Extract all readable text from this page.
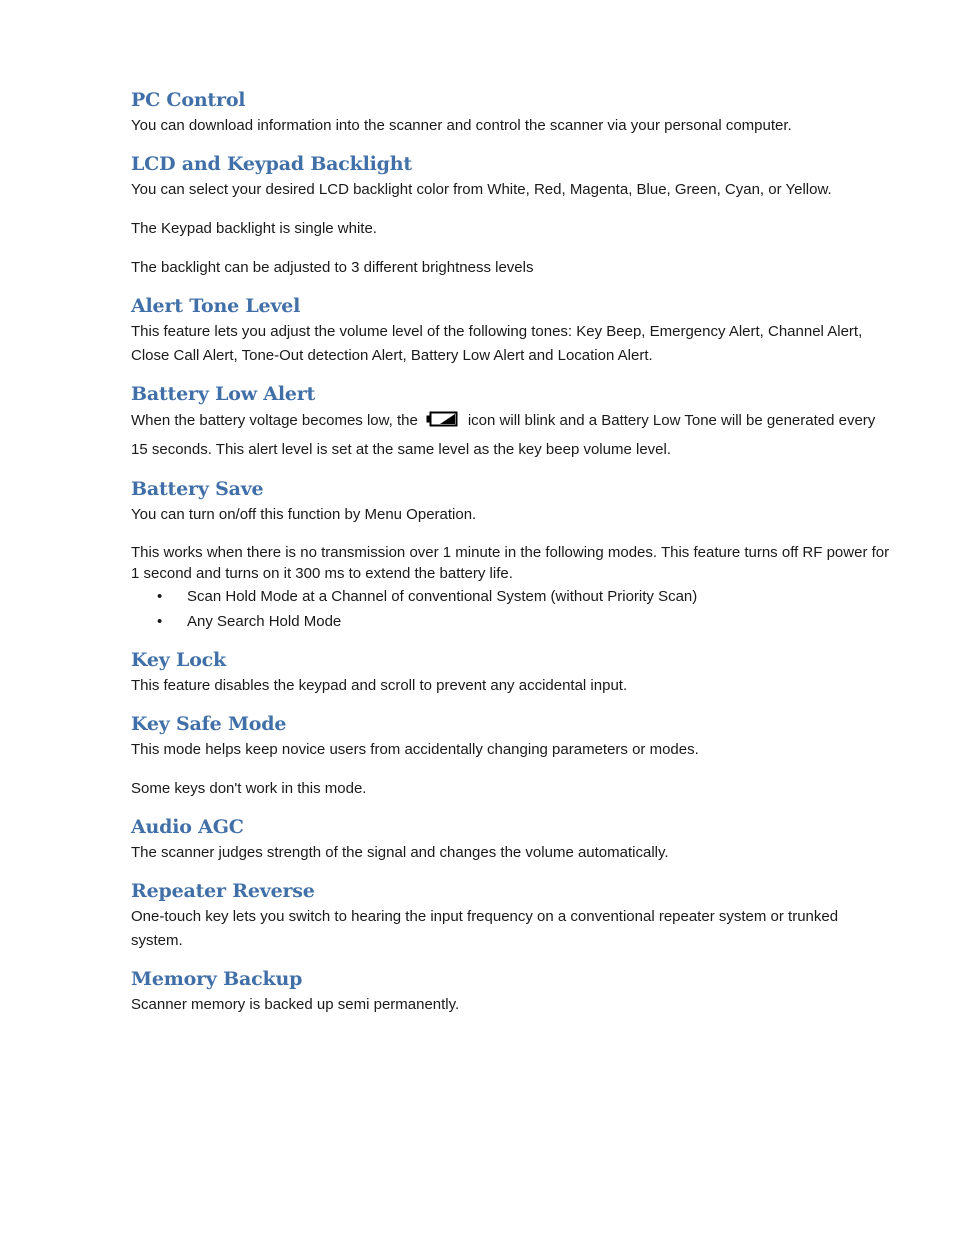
PC Control

You can download information into the scanner and control the scanner via your personal computer.

LCD and Keypad Backlight

You can select your desired LCD backlight color from White, Red, Magenta, Blue, Green, Cyan, or Yellow.

The Keypad backlight is single white.

The backlight can be adjusted to 3 different brightness levels

Alert Tone Level

This feature lets you adjust the volume level of the following tones: Key Beep, Emergency Alert, Channel Alert, Close Call Alert, Tone-Out detection Alert, Battery Low Alert and Location Alert.

Battery Low Alert

When the battery voltage becomes low, the	icon will blink and a Battery Low Tone will be generated every 15 seconds. This alert level is set at the same level as the key beep volume level.

Battery Save

You can turn on/off this function by Menu Operation.

This works when there is no transmission over 1 minute in the following modes. This feature turns off RF power for 1 second and turns on it 300 ms to extend the battery life.

• Scan Hold Mode at a Channel of conventional System (without Priority Scan)
• Any Search Hold Mode
Key Lock

This feature disables the keypad and scroll to prevent any accidental input.

Key Safe Mode

This mode helps keep novice users from accidentally changing parameters or modes.

Some keys don't work in this mode.

Audio AGC

The scanner judges strength of the signal and changes the volume automatically.

Repeater Reverse

One-touch key lets you switch to hearing the input frequency on a conventional repeater system or trunked system.

Memory Backup

Scanner memory is backed up semi permanently.
